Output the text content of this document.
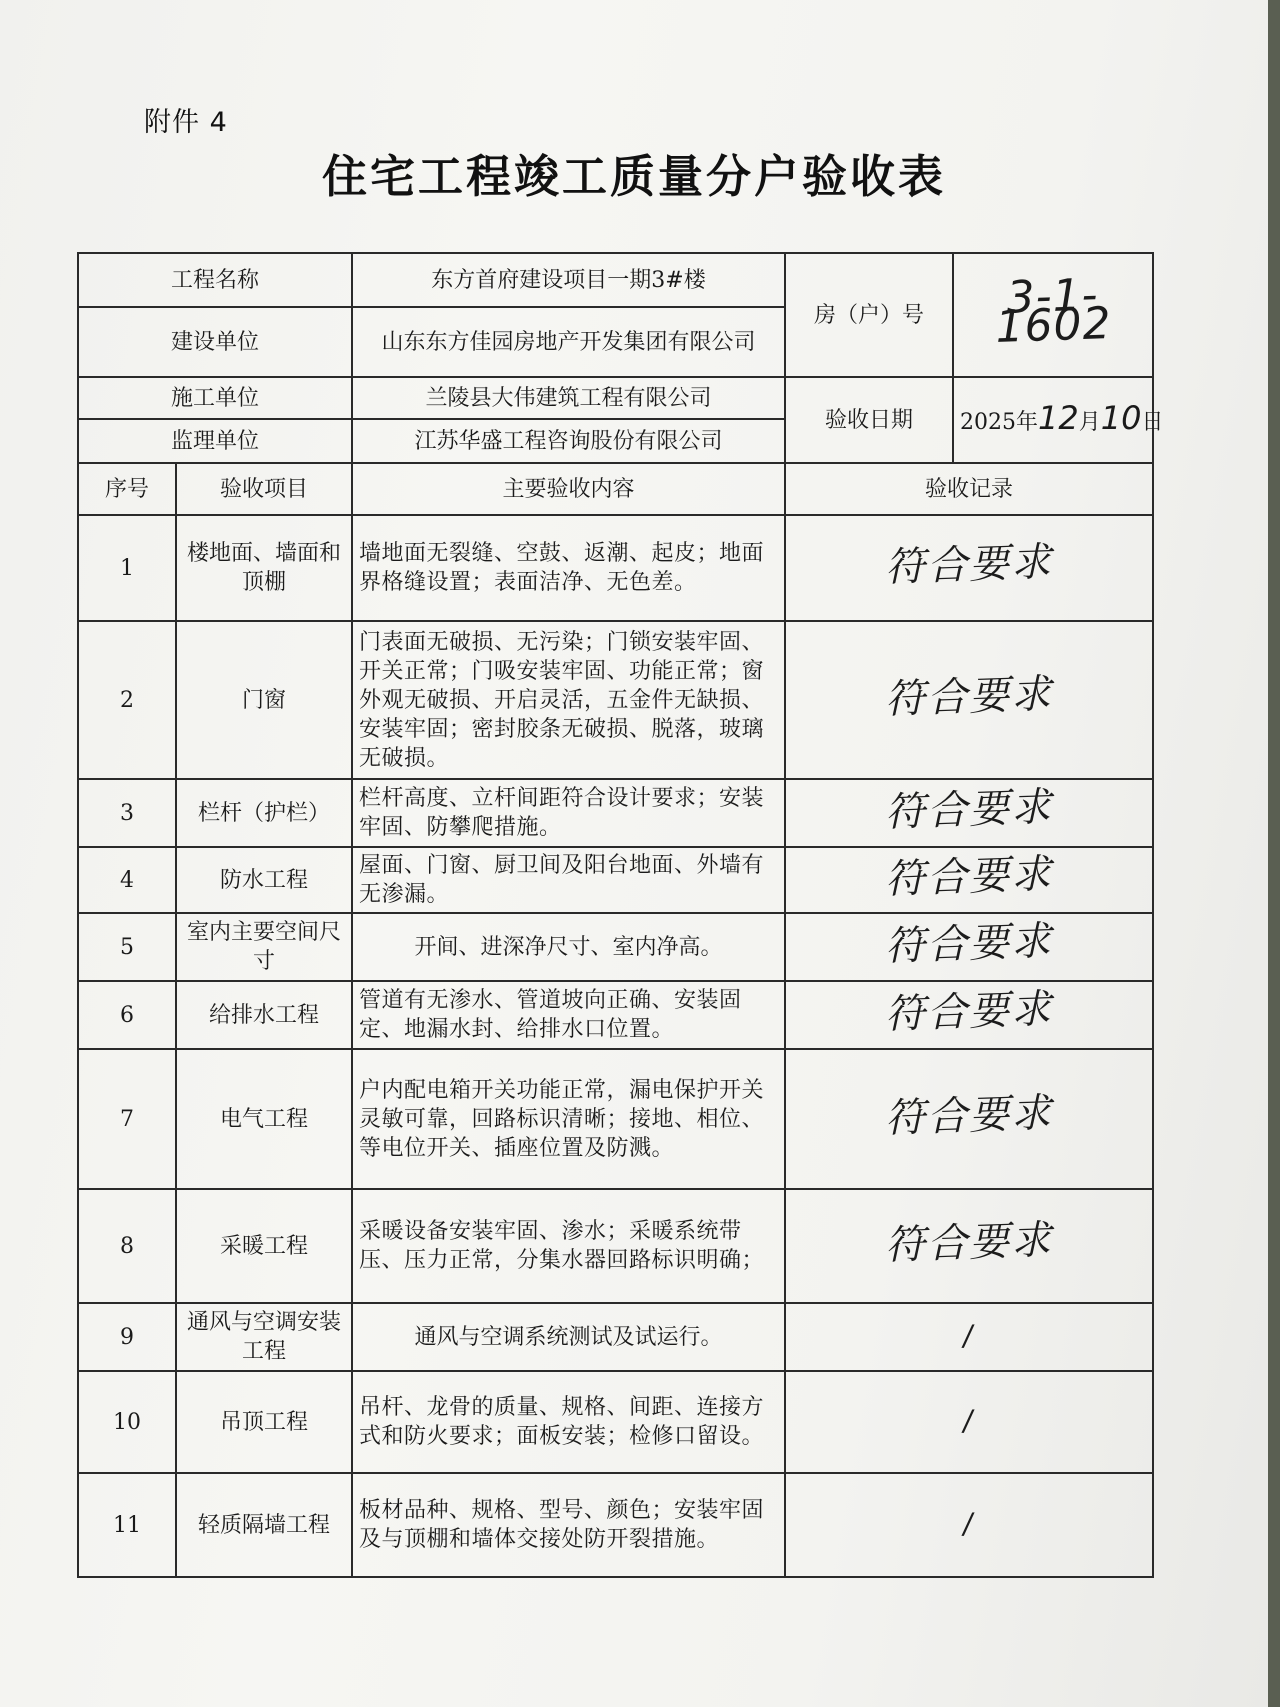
附件 4
住宅工程竣工质量分户验收表
工程名称		东方首府建设项目一期3#楼	房（户）号	3-1-1602
建设单位		山东东方佳园房地产开发集团有限公司		
施工单位		兰陵县大伟建筑工程有限公司	验收日期	2025年12月10日
监理单位		江苏华盛工程咨询股份有限公司		
序号	验收项目	主要验收内容	验收记录	
1	楼地面、墙面和顶棚	墙地面无裂缝、空鼓、返潮、起皮；地面界格缝设置；表面洁净、无色差。	符合要求	
2	门窗	门表面无破损、无污染；门锁安装牢固、开关正常；门吸安装牢固、功能正常；窗外观无破损、开启灵活，五金件无缺损、 安装牢固；密封胶条无破损、脱落，玻璃无破损。	符合要求	
3	栏杆（护栏）	栏杆高度、立杆间距符合设计要求；安装牢固、防攀爬措施。	符合要求	
4	防水工程	屋面、门窗、厨卫间及阳台地面、外墙有无渗漏。	符合要求	
5	室内主要空间尺寸	开间、进深净尺寸、室内净高。	符合要求	
6	给排水工程	管道有无渗水、管道坡向正确、安装固定、地漏水封、给排水口位置。	符合要求	
7	电气工程	户内配电箱开关功能正常，漏电保护开关灵敏可靠，回路标识清晰；接地、相位、等电位开关、插座位置及防溅。	符合要求	
8	采暖工程	采暖设备安装牢固、渗水；采暖系统带压、压力正常，分集水器回路标识明确；	符合要求	
9	通风与空调安装工程	通风与空调系统测试及试运行。	/	
10	吊顶工程	吊杆、龙骨的质量、规格、间距、连接方式和防火要求；面板安装；检修口留设。	/	
11	轻质隔墙工程	板材品种、规格、型号、颜色；安装牢固及与顶棚和墙体交接处防开裂措施。	/	
